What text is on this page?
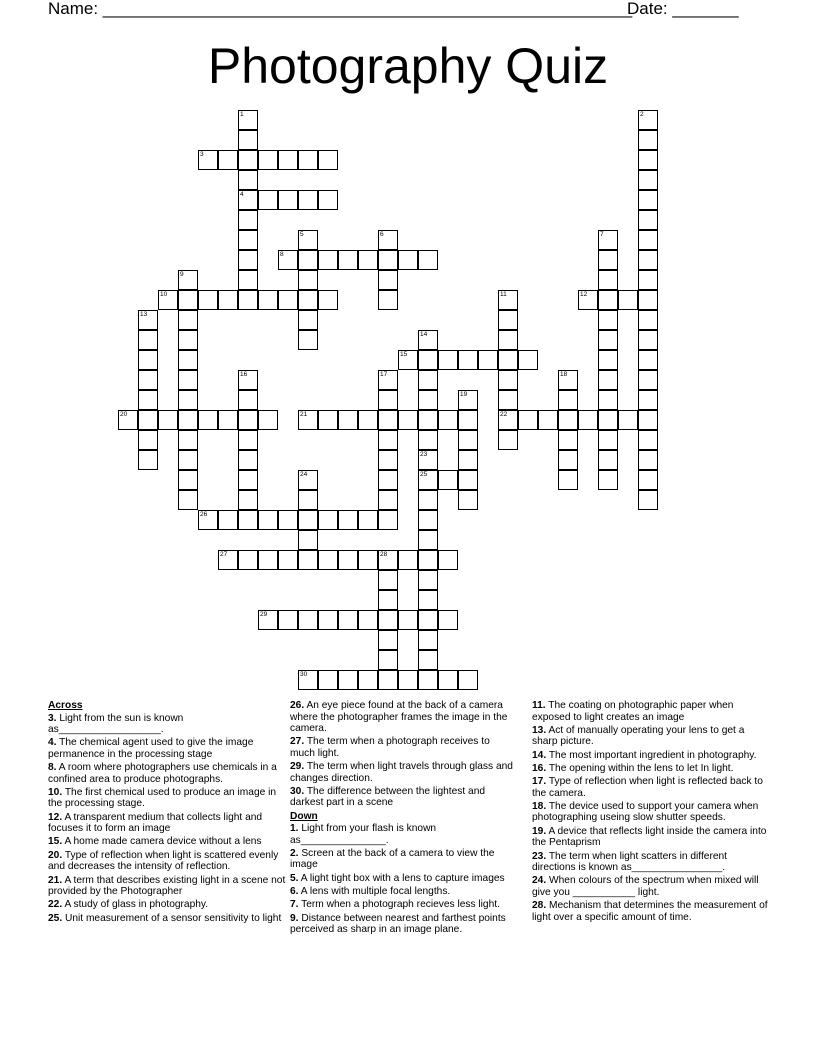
Name: ________________________________________________________
Date: _______
Photography Quiz
1	2
3
4
5	6	7
8
9
10	11	12
13
14
15
16	17	18
19
20	21	22
23
24	25
26
27	28
29
30
Across

3. Light from the sun is known as__________________.

4. The chemical agent used to give the image permanence in the processing stage

8. A room where photographers use chemicals in a confined area to produce photographs.

10. The first chemical used to produce an image in the processing stage.

12. A transparent medium that collects light and focuses it to form an image

15. A home made camera device without a lens

20. Type of reflection when light is scattered evenly and decreases the intensity of reflection.

21. A term that describes existing light in a scene not provided by the Photographer

22. A study of glass in photography.

25. Unit measurement of a sensor sensitivity to light

26. An eye piece found at the back of a camera where the photographer frames the image in the camera.

27. The term when a photograph receives to much light.

29. The term when light travels through glass and changes direction.

30. The difference between the lightest and darkest part in a scene

Down

1. Light from your flash is known as_______________.

2. Screen at the back of a camera to view the image

5. A light tight box with a lens to capture images

6. A lens with multiple focal lengths.

7. Term when a photograph recieves less light.

9. Distance between nearest and farthest points perceived as sharp in an image plane.

11. The coating on photographic paper when exposed to light creates an image

13. Act of manually operating your lens to get a sharp picture.

14. The most important ingredient in photography.

16. The opening within the lens to let In light.

17. Type of reflection when light is reflected back to the camera.

18. The device used to support your camera when photographing useing slow shutter speeds.

19. A device that reflects light inside the camera into the Pentaprism

23. The term when light scatters in different directions is known as________________.

24. When colours of the spectrum when mixed will give you ___________ light.

28. Mechanism that determines the measurement of light over a specific amount of time.
